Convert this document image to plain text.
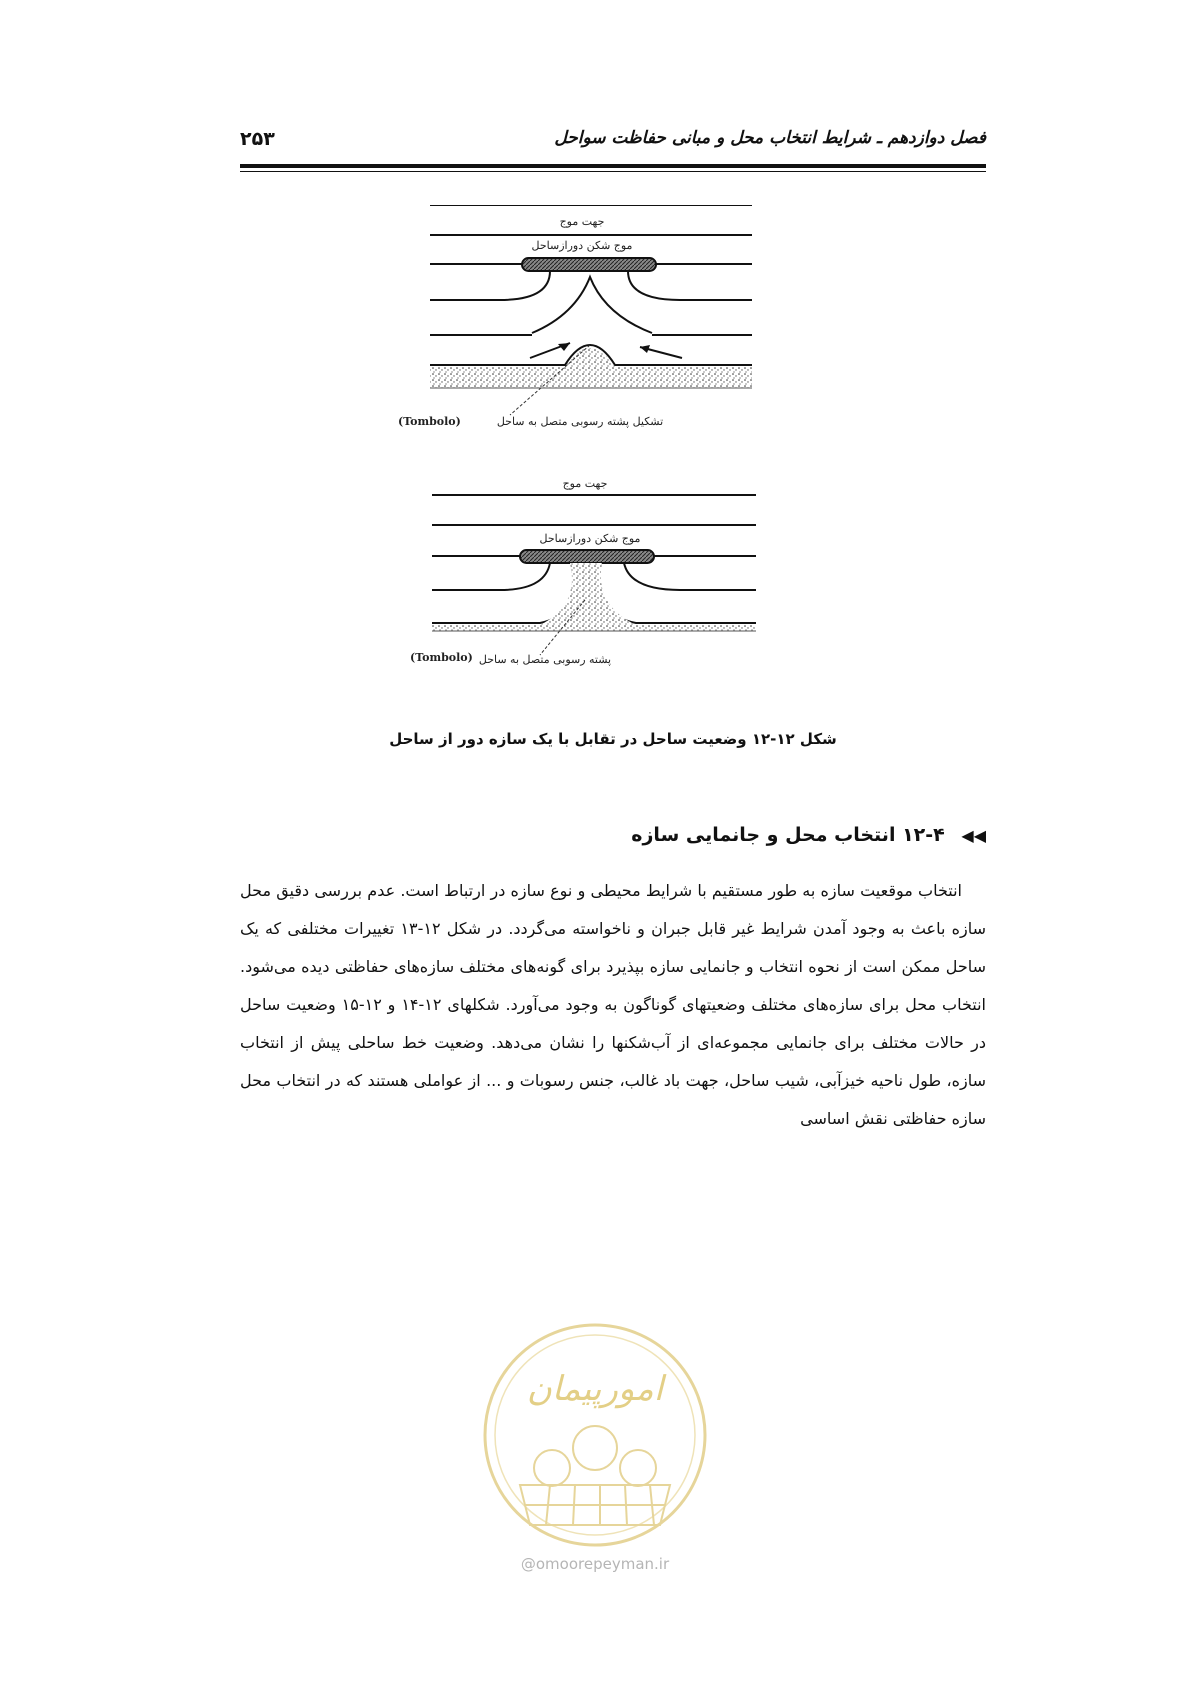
فصل دوازدهم ـ شرایط انتخاب محل و مبانی حفاظت سواحل
۲۵۳
جهت موج
موج شکن دورازساحل
تشکیل پشته رسوبی متصل به ساحل
(Tombolo)
جهت موج
موج شکن دورازساحل
پشته رسوبی متصل به ساحل
(Tombolo)
شکل ۱۲-۱۲ وضعیت ساحل در تقابل با یک سازه دور از ساحل
◀◀ ۱۲-۴ انتخاب محل و جانمایی سازه

انتخاب موقعیت سازه به طور مستقیم با شرایط محیطی و نوع سازه در ارتباط است. عدم بررسی دقیق محل سازه باعث به وجود آمدن شرایط غیر قابل جبران و ناخواسته می‌گردد. در شکل ۱۲-۱۳ تغییرات مختلفی که یک ساحل ممکن است از نحوه انتخاب و جانمایی سازه بپذیرد برای گونه‌های مختلف سازه‌های حفاظتی دیده می‌شود. انتخاب محل برای سازه‌های مختلف وضعیتهای گوناگون به وجود می‌آورد. شکلهای ۱۲-۱۴ و ۱۲-۱۵ وضعیت ساحل در حالات مختلف برای جانمایی مجموعه‌ای از آب‌شکنها را نشان می‌دهد. وضعیت خط ساحلی پیش از انتخاب سازه، طول ناحیه خیزآبی، شیب ساحل، جهت باد غالب، جنس رسوبات و ... از عواملی هستند که در انتخاب محل سازه حفاظتی نقش اساسی

امورپیمان
@omoorepeyman.ir
